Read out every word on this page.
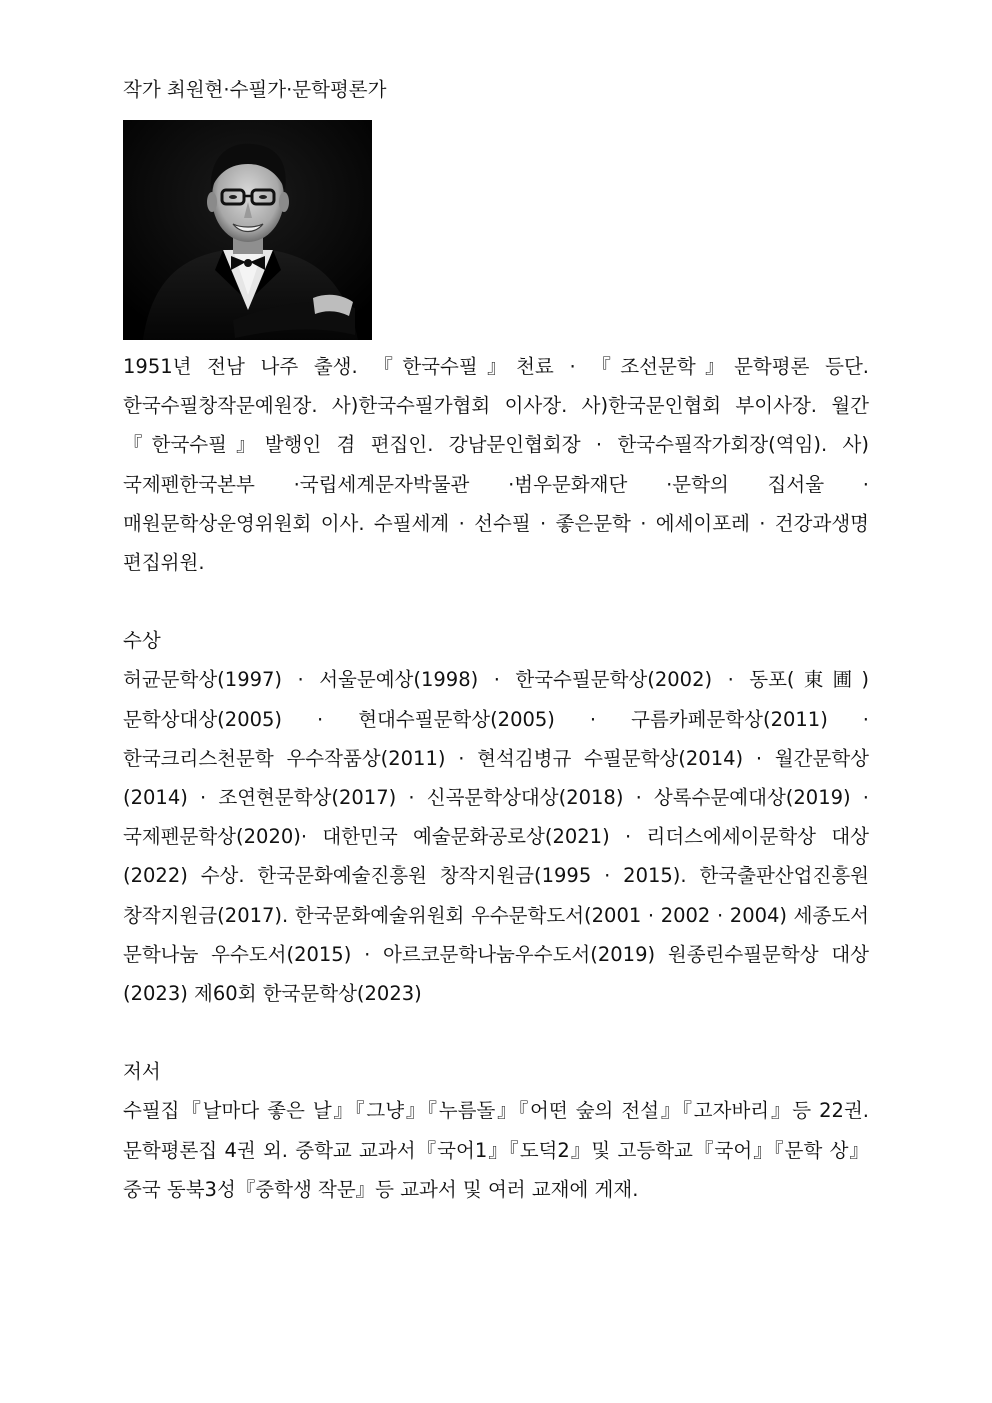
작가 최원현·수필가·문학평론가

1951년 전남 나주 출생. 『한국수필』천료 · 『조선문학』문학평론 등단. 한국수필창작문예원장. 사)한국수필가협회 이사장. 사)한국문인협회 부이사장. 월간『한국수필』발행인 겸 편집인. 강남문인협회장 · 한국수필작가회장(역임). 사)국제펜한국본부 ·국립세계문자박물관 ·범우문화재단 ·문학의 집서울 ·매원문학상운영위원회 이사. 수필세계 · 선수필 · 좋은문학 · 에세이포레 · 건강과생명 편집위원.

수상

허균문학상(1997) · 서울문예상(1998) · 한국수필문학상(2002) · 동포(東圃)문학상대상(2005) · 현대수필문학상(2005) · 구름카페문학상(2011) · 한국크리스천문학 우수작품상(2011) · 현석김병규 수필문학상(2014) · 월간문학상(2014) · 조연현문학상(2017) · 신곡문학상대상(2018) · 상록수문예대상(2019) · 국제펜문학상(2020)· 대한민국 예술문화공로상(2021) · 리더스에세이문학상 대상(2022) 수상. 한국문화예술진흥원 창작지원금(1995 · 2015). 한국출판산업진흥원 창작지원금(2017). 한국문화예술위원회 우수문학도서(2001 · 2002 · 2004) 세종도서 문학나눔 우수도서(2015) · 아르코문학나눔우수도서(2019) 원종린수필문학상 대상(2023) 제60회 한국문학상(2023)

저서

수필집『날마다 좋은 날』『그냥』『누름돌』『어떤 숲의 전설』『고자바리』등 22권. 문학평론집 4권 외. 중학교 교과서『국어1』『도덕2』및 고등학교『국어』『문학 상』중국 동북3성『중학생 작문』등 교과서 및 여러 교재에 게재.
